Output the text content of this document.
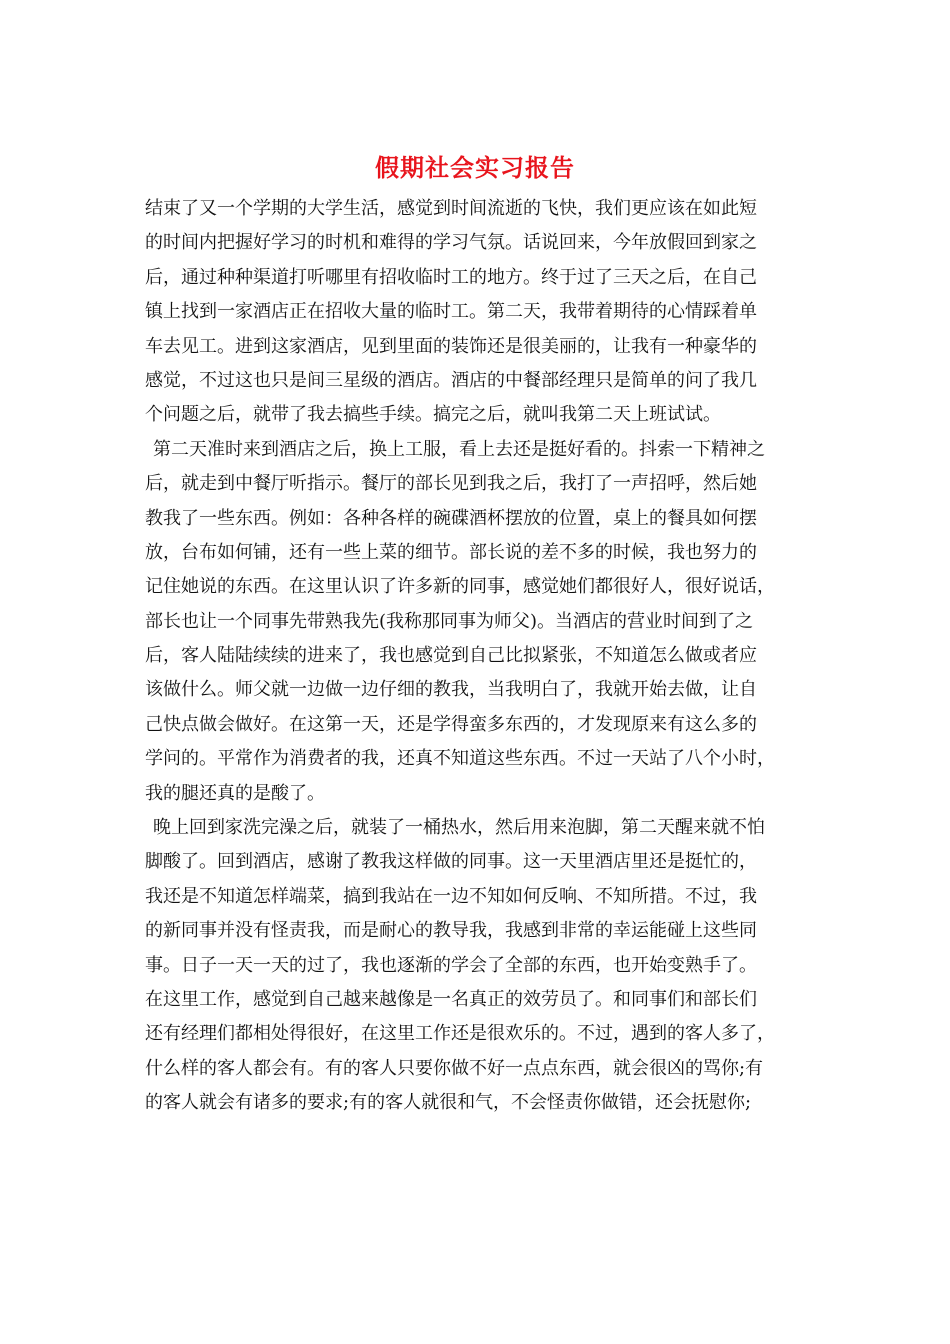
假期社会实习报告
结束了又一个学期的大学生活，感觉到时间流逝的飞快，我们更应该在如此短
的时间内把握好学习的时机和难得的学习气氛。话说回来，今年放假回到家之
后，通过种种渠道打听哪里有招收临时工的地方。终于过了三天之后，在自己
镇上找到一家酒店正在招收大量的临时工。第二天，我带着期待的心情踩着单
车去见工。进到这家酒店，见到里面的装饰还是很美丽的，让我有一种豪华的
感觉，不过这也只是间三星级的酒店。酒店的中餐部经理只是简单的问了我几
个问题之后，就带了我去搞些手续。搞完之后，就叫我第二天上班试试。
第二天准时来到酒店之后，换上工服，看上去还是挺好看的。抖索一下精神之
后，就走到中餐厅听指示。餐厅的部长见到我之后，我打了一声招呼，然后她
教我了一些东西。例如：各种各样的碗碟酒杯摆放的位置，桌上的餐具如何摆
放，台布如何铺，还有一些上菜的细节。部长说的差不多的时候，我也努力的
记住她说的东西。在这里认识了许多新的同事，感觉她们都很好人，很好说话，
部长也让一个同事先带熟我先(我称那同事为师父)。当酒店的营业时间到了之
后，客人陆陆续续的进来了，我也感觉到自己比拟紧张，不知道怎么做或者应
该做什么。师父就一边做一边仔细的教我，当我明白了，我就开始去做，让自
己快点做会做好。在这第一天，还是学得蛮多东西的，才发现原来有这么多的
学问的。平常作为消费者的我，还真不知道这些东西。不过一天站了八个小时，
我的腿还真的是酸了。
晚上回到家洗完澡之后，就装了一桶热水，然后用来泡脚，第二天醒来就不怕
脚酸了。回到酒店，感谢了教我这样做的同事。这一天里酒店里还是挺忙的，
我还是不知道怎样端菜，搞到我站在一边不知如何反响、不知所措。不过，我
的新同事并没有怪责我，而是耐心的教导我，我感到非常的幸运能碰上这些同
事。日子一天一天的过了，我也逐渐的学会了全部的东西，也开始变熟手了。
在这里工作，感觉到自己越来越像是一名真正的效劳员了。和同事们和部长们
还有经理们都相处得很好，在这里工作还是很欢乐的。不过，遇到的客人多了，
什么样的客人都会有。有的客人只要你做不好一点点东西，就会很凶的骂你;有
的客人就会有诸多的要求;有的客人就很和气，不会怪责你做错，还会抚慰你;
